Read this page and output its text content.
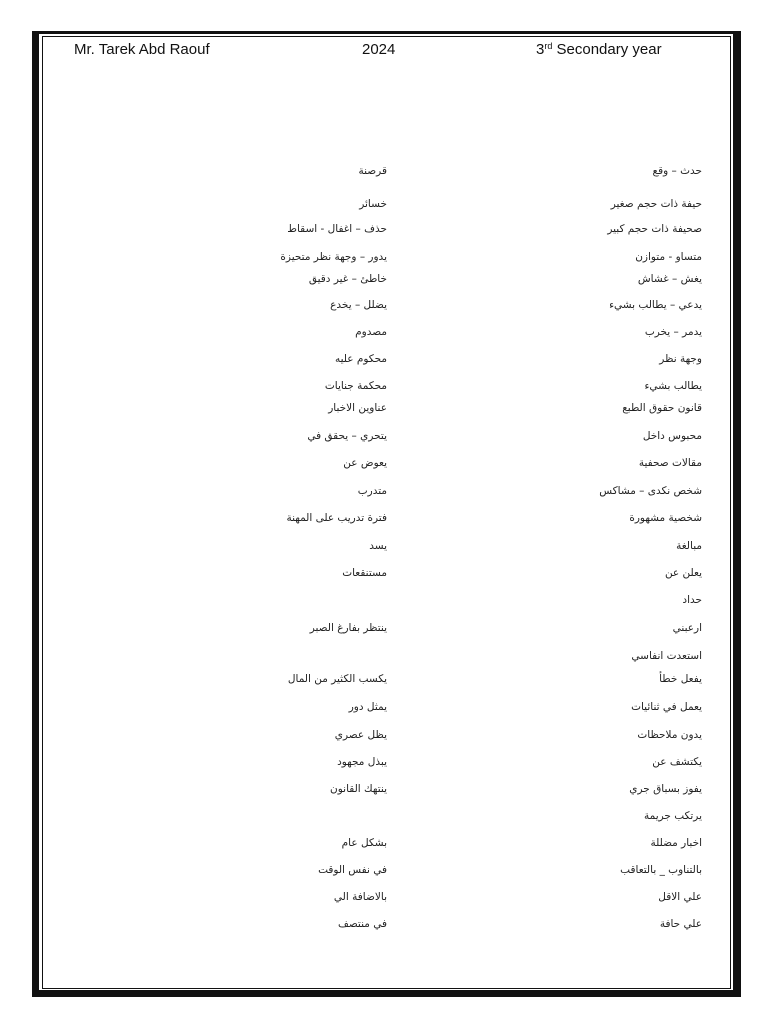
Mr. Tarek Abd Raouf	2024	3rd Secondary year
حدث – وقع
قرصنة
حيفة ذات حجم صغير
خسائر
صحيفة ذات حجم كبير
حذف – اغفال - اسقاط
متساو - متوازن
يدور – وجهة نظر متحيزة
يغش – غشاش
خاطئ – غير دقيق
يدعي – يطالب بشيء
يضلل – يخدع
يدمر – يخرب
مصدوم
وجهة نظر
محكوم عليه
يطالب بشيء
محكمة جنايات
قانون حقوق الطبع
عناوين الاخبار
محبوس داخل
يتحري – يحقق في
مقالات صحفية
يعوض عن
شخص نكدى – مشاكس
متدرب
شخصية مشهورة
فترة تدريب على المهنة
مبالغة
يسد
يعلن عن
مستنقعات
حداد
ارعبني
ينتظر بفارغ الصبر
استعدت انفاسي
يفعل خطأ
يكسب الكثير من المال
يعمل في ثنائيات
يمثل دور
يدون ملاحظات
يظل عصري
يكتشف عن
يبذل مجهود
يفوز بسباق جري
ينتهك القانون
يرتكب جريمة
اخبار مضللة
بشكل عام
بالتناوب _ بالتعاقب
في نفس الوقت
علي الاقل
بالاضافة الي
علي حافة
في منتصف
